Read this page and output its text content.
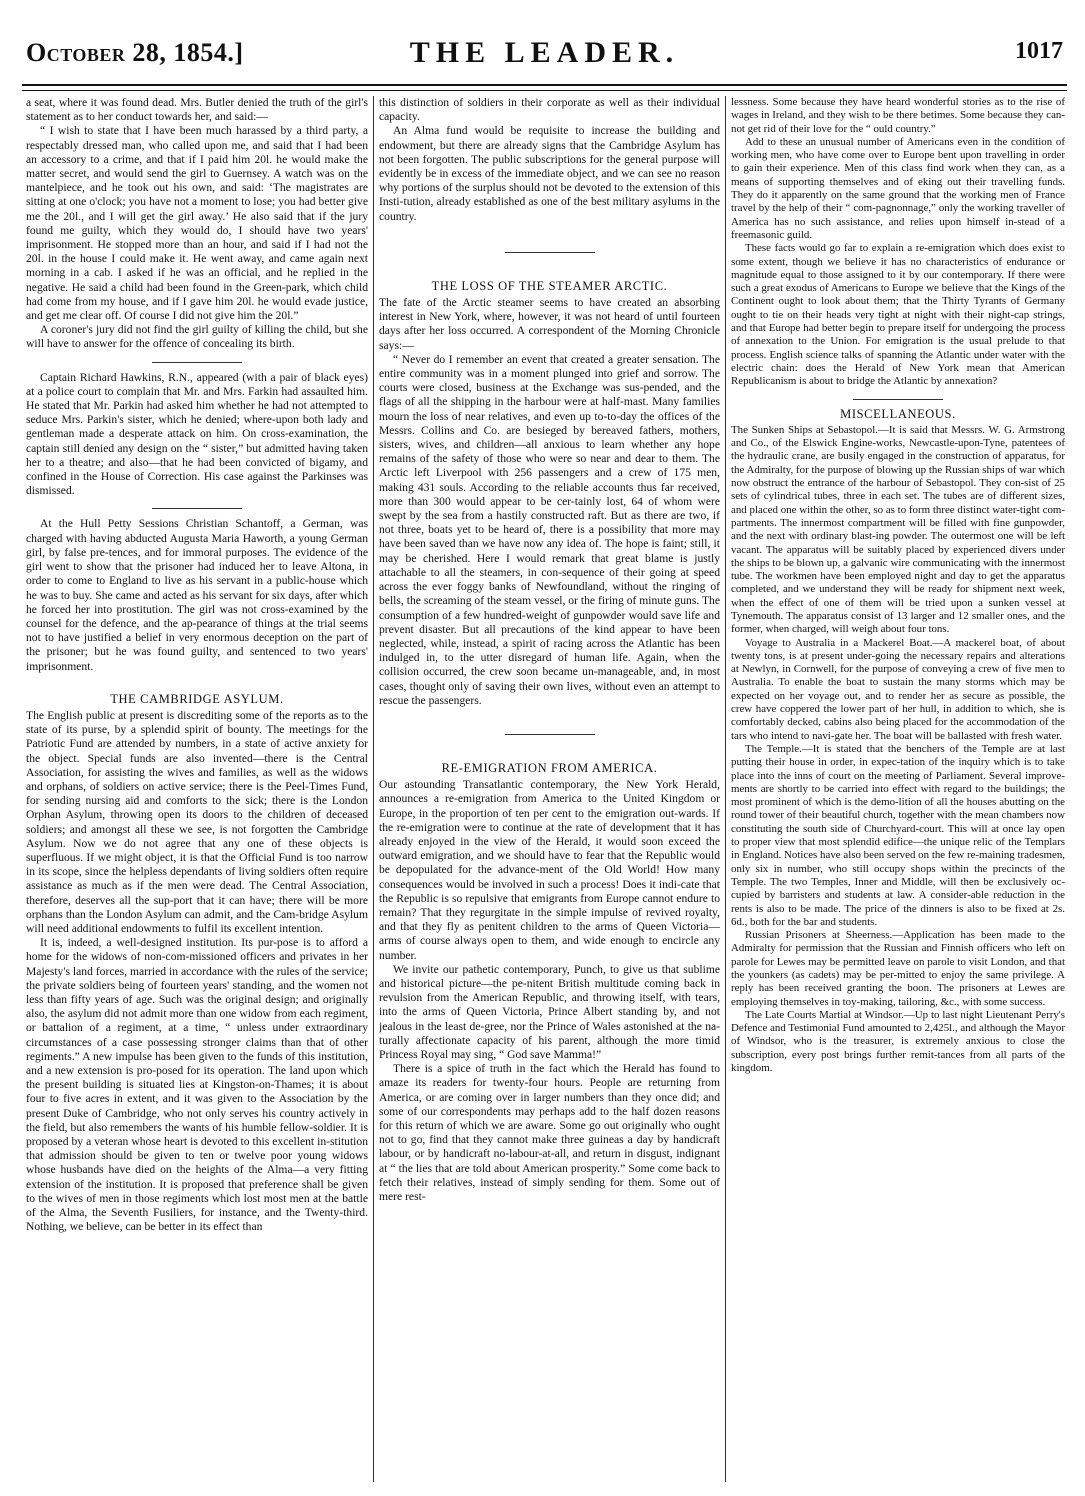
October 28, 1854.]	THE LEADER.	1017

a seat, where it was found dead. Mrs. Butler denied the truth of the girl's statement as to her conduct towards her, and said:—

“ I wish to state that I have been much harassed by a third party, a respectably dressed man, who called upon me, and said that I had been an accessory to a crime, and that if I paid him 20l. he would make the matter secret, and would send the girl to Guernsey. A watch was on the mantelpiece, and he took out his own, and said: ‘The magistrates are sitting at one o'clock; you have not a moment to lose; you had better give me the 20l., and I will get the girl away.’ He also said that if the jury found me guilty, which they would do, I should have two years' imprisonment. He stopped more than an hour, and said if I had not the 20l. in the house I could make it. He went away, and came again next morning in a cab. I asked if he was an official, and he replied in the negative. He said a child had been found in the Green-park, which child had come from my house, and if I gave him 20l. he would evade justice, and get me clear off. Of course I did not give him the 20l.”

A coroner's jury did not find the girl guilty of killing the child, but she will have to answer for the offence of concealing its birth.

Captain Richard Hawkins, R.N., appeared (with a pair of black eyes) at a police court to complain that Mr. and Mrs. Farkin had assaulted him. He stated that Mr. Parkin had asked him whether he had not attempted to seduce Mrs. Parkin's sister, which he denied; where-upon both lady and gentleman made a desperate attack on him. On cross-examination, the captain still denied any design on the “ sister,” but admitted having taken her to a theatre; and also—that he had been convicted of bigamy, and confined in the House of Correction. His case against the Parkinses was dismissed.

At the Hull Petty Sessions Christian Schantoff, a German, was charged with having abducted Augusta Maria Haworth, a young German girl, by false pre-tences, and for immoral purposes. The evidence of the girl went to show that the prisoner had induced her to leave Altona, in order to come to England to live as his servant in a public-house which he was to buy. She came and acted as his servant for six days, after which he forced her into prostitution. The girl was not cross-examined by the counsel for the defence, and the ap-pearance of things at the trial seems not to have justified a belief in very enormous deception on the part of the prisoner; but he was found guilty, and sentenced to two years' imprisonment.

THE CAMBRIDGE ASYLUM.

The English public at present is discrediting some of the reports as to the state of its purse, by a splendid spirit of bounty. The meetings for the Patriotic Fund are attended by numbers, in a state of active anxiety for the object. Special funds are also invented—there is the Central Association, for assisting the wives and families, as well as the widows and orphans, of soldiers on active service; there is the Peel-Times Fund, for sending nursing aid and comforts to the sick; there is the London Orphan Asylum, throwing open its doors to the children of deceased soldiers; and amongst all these we see, is not forgotten the Cambridge Asylum. Now we do not agree that any one of these objects is superfluous. If we might object, it is that the Official Fund is too narrow in its scope, since the helpless dependants of living soldiers often require assistance as much as if the men were dead. The Central Association, therefore, deserves all the sup-port that it can have; there will be more orphans than the London Asylum can admit, and the Cam-bridge Asylum will need additional endowments to fulfil its excellent intention.

It is, indeed, a well-designed institution. Its pur-pose is to afford a home for the widows of non-com-missioned officers and privates in her Majesty's land forces, married in accordance with the rules of the service; the private soldiers being of fourteen years' standing, and the women not less than fifty years of age. Such was the original design; and originally also, the asylum did not admit more than one widow from each regiment, or battalion of a regiment, at a time, “ unless under extraordinary circumstances of a case possessing stronger claims than that of other regiments.” A new impulse has been given to the funds of this institution, and a new extension is pro-posed for its operation. The land upon which the present building is situated lies at Kingston-on-Thames; it is about four to five acres in extent, and it was given to the Association by the present Duke of Cambridge, who not only serves his country actively in the field, but also remembers the wants of his humble fellow-soldier. It is proposed by a veteran whose heart is devoted to this excellent in-stitution that admission should be given to ten or twelve poor young widows whose husbands have died on the heights of the Alma—a very fitting extension of the institution. It is proposed that preference shall be given to the wives of men in those regiments which lost most men at the battle of the Alma, the Seventh Fusiliers, for instance, and the Twenty-third. Nothing, we believe, can be better in its effect than

this distinction of soldiers in their corporate as well as their individual capacity.

An Alma fund would be requisite to increase the building and endowment, but there are already signs that the Cambridge Asylum has not been forgotten. The public subscriptions for the general purpose will evidently be in excess of the immediate object, and we can see no reason why portions of the surplus should not be devoted to the extension of this Insti-tution, already established as one of the best military asylums in the country.

THE LOSS OF THE STEAMER ARCTIC.

The fate of the Arctic steamer seems to have created an absorbing interest in New York, where, however, it was not heard of until fourteen days after her loss occurred. A correspondent of the Morning Chronicle says:—

“ Never do I remember an event that created a greater sensation. The entire community was in a moment plunged into grief and sorrow. The courts were closed, business at the Exchange was sus-pended, and the flags of all the shipping in the harbour were at half-mast. Many families mourn the loss of near relatives, and even up to-to-day the offices of the Messrs. Collins and Co. are besieged by bereaved fathers, mothers, sisters, wives, and children—all anxious to learn whether any hope remains of the safety of those who were so near and dear to them. The Arctic left Liverpool with 256 passengers and a crew of 175 men, making 431 souls. According to the reliable accounts thus far received, more than 300 would appear to be cer-tainly lost, 64 of whom were swept by the sea from a hastily constructed raft. But as there are two, if not three, boats yet to be heard of, there is a possibility that more may have been saved than we have now any idea of. The hope is faint; still, it may be cherished. Here I would remark that great blame is justly attachable to all the steamers, in con-sequence of their going at speed across the ever foggy banks of Newfoundland, without the ringing of bells, the screaming of the steam vessel, or the firing of minute guns. The consumption of a few hundred-weight of gunpowder would save life and prevent disaster. But all precautions of the kind appear to have been neglected, while, instead, a spirit of racing across the Atlantic has been indulged in, to the utter disregard of human life. Again, when the collision occurred, the crew soon became un-manageable, and, in most cases, thought only of saving their own lives, without even an attempt to rescue the passengers.

RE-EMIGRATION FROM AMERICA.

Our astounding Transatlantic contemporary, the New York Herald, announces a re-emigration from America to the United Kingdom or Europe, in the proportion of ten per cent to the emigration out-wards. If the re-emigration were to continue at the rate of development that it has already enjoyed in the view of the Herald, it would soon exceed the outward emigration, and we should have to fear that the Republic would be depopulated for the advance-ment of the Old World! How many consequences would be involved in such a process! Does it indi-cate that the Republic is so repulsive that emigrants from Europe cannot endure to remain? That they regurgitate in the simple impulse of revived royalty, and that they fly as penitent children to the arms of Queen Victoria—arms of course always open to them, and wide enough to encircle any number.

We invite our pathetic contemporary, Punch, to give us that sublime and historical picture—the pe-nitent British multitude coming back in revulsion from the American Republic, and throwing itself, with tears, into the arms of Queen Victoria, Prince Albert standing by, and not jealous in the least de-gree, nor the Prince of Wales astonished at the na-turally affectionate capacity of his parent, although the more timid Princess Royal may sing, “ God save Mamma!”

There is a spice of truth in the fact which the Herald has found to amaze its readers for twenty-four hours. People are returning from America, or are coming over in larger numbers than they once did; and some of our correspondents may perhaps add to the half dozen reasons for this return of which we are aware. Some go out originally who ought not to go, find that they cannot make three guineas a day by handicraft labour, or by handicraft no-labour-at-all, and return in disgust, indignant at “ the lies that are told about American prosperity.” Some come back to fetch their relatives, instead of simply sending for them. Some out of mere rest-

lessness. Some because they have heard wonderful stories as to the rise of wages in Ireland, and they wish to be there betimes. Some because they can-not get rid of their love for the “ ould country.”

Add to these an unusual number of Americans even in the condition of working men, who have come over to Europe bent upon travelling in order to gain their experience. Men of this class find work when they can, as a means of supporting themselves and of eking out their travelling funds. They do it apparently on the same ground that the working men of France travel by the help of their “ com-pagnonnage,” only the working traveller of America has no such assistance, and relies upon himself in-stead of a freemasonic guild.

These facts would go far to explain a re-emigration which does exist to some extent, though we believe it has no characteristics of endurance or magnitude equal to those assigned to it by our contemporary. If there were such a great exodus of Americans to Europe we believe that the Kings of the Continent ought to look about them; that the Thirty Tyrants of Germany ought to tie on their heads very tight at night with their night-cap strings, and that Europe had better begin to prepare itself for undergoing the process of annexation to the Union. For emigration is the usual prelude to that process. English science talks of spanning the Atlantic under water with the electric chain: does the Herald of New York mean that American Republicanism is about to bridge the Atlantic by annexation?

MISCELLANEOUS.

The Sunken Ships at Sebastopol.—It is said that Messrs. W. G. Armstrong and Co., of the Elswick Engine-works, Newcastle-upon-Tyne, patentees of the hydraulic crane, are busily engaged in the construction of apparatus, for the Admiralty, for the purpose of blowing up the Russian ships of war which now obstruct the entrance of the harbour of Sebastopol. They con-sist of 25 sets of cylindrical tubes, three in each set. The tubes are of different sizes, and placed one within the other, so as to form three distinct water-tight com-partments. The innermost compartment will be filled with fine gunpowder, and the next with ordinary blast-ing powder. The outermost one will be left vacant. The apparatus will be suitably placed by experienced divers under the ships to be blown up, a galvanic wire communicating with the innermost tube. The workmen have been employed night and day to get the apparatus completed, and we understand they will be ready for shipment next week, when the effect of one of them will be tried upon a sunken vessel at Tynemouth. The apparatus consist of 13 larger and 12 smaller ones, and the former, when charged, will weigh about four tons.

Voyage to Australia in a Mackerel Boat.—A mackerel boat, of about twenty tons, is at present under-going the necessary repairs and alterations at Newlyn, in Cornwell, for the purpose of conveying a crew of five men to Australia. To enable the boat to sustain the many storms which may be expected on her voyage out, and to render her as secure as possible, the crew have coppered the lower part of her hull, in addition to which, she is comfortably decked, cabins also being placed for the accommodation of the tars who intend to navi-gate her. The boat will be ballasted with fresh water.

The Temple.—It is stated that the benchers of the Temple are at last putting their house in order, in expec-tation of the inquiry which is to take place into the inns of court on the meeting of Parliament. Several improve-ments are shortly to be carried into effect with regard to the buildings; the most prominent of which is the demo-lition of all the houses abutting on the round tower of their beautiful church, together with the mean chambers now constituting the south side of Churchyard-court. This will at once lay open to proper view that most splendid edifice—the unique relic of the Templars in England. Notices have also been served on the few re-maining tradesmen, only six in number, who still occupy shops within the precincts of the Temple. The two Temples, Inner and Middle, will then be exclusively oc-cupied by barristers and students at law. A consider-able reduction in the rents is also to be made. The price of the dinners is also to be fixed at 2s. 6d., both for the bar and students.

Russian Prisoners at Sheerness.—Application has been made to the Admiralty for permission that the Russian and Finnish officers who left on parole for Lewes may be permitted leave on parole to visit London, and that the younkers (as cadets) may be per-mitted to enjoy the same privilege. A reply has been received granting the boon. The prisoners at Lewes are employing themselves in toy-making, tailoring, &c., with some success.

The Late Courts Martial at Windsor.—Up to last night Lieutenant Perry's Defence and Testimonial Fund amounted to 2,425l., and although the Mayor of Windsor, who is the treasurer, is extremely anxious to close the subscription, every post brings further remit-tances from all parts of the kingdom.
